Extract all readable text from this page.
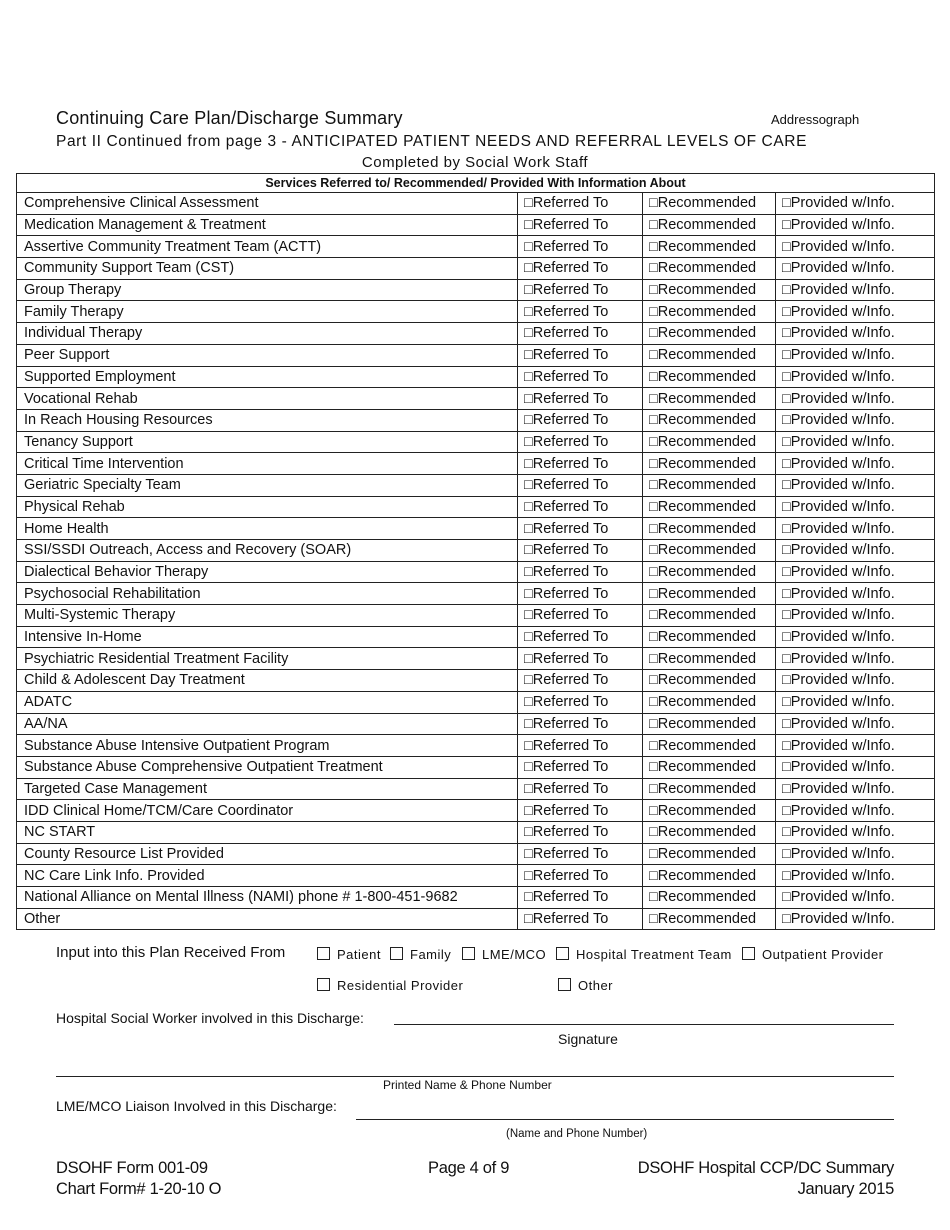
Continuing Care Plan/Discharge Summary	Addressograph
Part II Continued from page 3 - ANTICIPATED PATIENT NEEDS AND REFERRAL LEVELS OF CARE
Completed by Social Work Staff
Services Referred to/ Recommended/ Provided With Information About			
Comprehensive Clinical Assessment	□Referred To	□Recommended	□Provided w/Info.
Medication Management & Treatment	□Referred To	□Recommended	□Provided w/Info.
Assertive Community Treatment Team (ACTT)	□Referred To	□Recommended	□Provided w/Info.
Community Support Team (CST)	□Referred To	□Recommended	□Provided w/Info.
Group Therapy	□Referred To	□Recommended	□Provided w/Info.
Family Therapy	□Referred To	□Recommended	□Provided w/Info.
Individual Therapy	□Referred To	□Recommended	□Provided w/Info.
Peer Support	□Referred To	□Recommended	□Provided w/Info.
Supported Employment	□Referred To	□Recommended	□Provided w/Info.
Vocational Rehab	□Referred To	□Recommended	□Provided w/Info.
In Reach Housing Resources	□Referred To	□Recommended	□Provided w/Info.
Tenancy Support	□Referred To	□Recommended	□Provided w/Info.
Critical Time Intervention	□Referred To	□Recommended	□Provided w/Info.
Geriatric Specialty Team	□Referred To	□Recommended	□Provided w/Info.
Physical Rehab	□Referred To	□Recommended	□Provided w/Info.
Home Health	□Referred To	□Recommended	□Provided w/Info.
SSI/SSDI Outreach, Access and Recovery (SOAR)	□Referred To	□Recommended	□Provided w/Info.
Dialectical Behavior Therapy	□Referred To	□Recommended	□Provided w/Info.
Psychosocial Rehabilitation	□Referred To	□Recommended	□Provided w/Info.
Multi-Systemic Therapy	□Referred To	□Recommended	□Provided w/Info.
Intensive In-Home	□Referred To	□Recommended	□Provided w/Info.
Psychiatric Residential Treatment Facility	□Referred To	□Recommended	□Provided w/Info.
Child & Adolescent Day Treatment	□Referred To	□Recommended	□Provided w/Info.
ADATC	□Referred To	□Recommended	□Provided w/Info.
AA/NA	□Referred To	□Recommended	□Provided w/Info.
Substance Abuse Intensive Outpatient Program	□Referred To	□Recommended	□Provided w/Info.
Substance Abuse Comprehensive Outpatient Treatment	□Referred To	□Recommended	□Provided w/Info.
Targeted Case Management	□Referred To	□Recommended	□Provided w/Info.
IDD Clinical Home/TCM/Care Coordinator	□Referred To	□Recommended	□Provided w/Info.
NC START	□Referred To	□Recommended	□Provided w/Info.
County Resource List Provided	□Referred To	□Recommended	□Provided w/Info.
NC Care Link Info. Provided	□Referred To	□Recommended	□Provided w/Info.
National Alliance on Mental Illness (NAMI) phone # 1-800-451-9682	□Referred To	□Recommended	□Provided w/Info.
Other	□Referred To	□Recommended	□Provided w/Info.
Input into this Plan Received From	Patient	Family	LME/MCO	Hospital Treatment Team	Outpatient Provider
Residential Provider	Other
Hospital Social Worker involved in this Discharge:
Signature
Printed Name & Phone Number
LME/MCO Liaison Involved in this Discharge:
(Name and Phone Number)
DSOHF Form 001-09
Chart Form# 1-20-10 O
Page 4 of 9	DSOHF Hospital CCP/DC Summary
January 2015
